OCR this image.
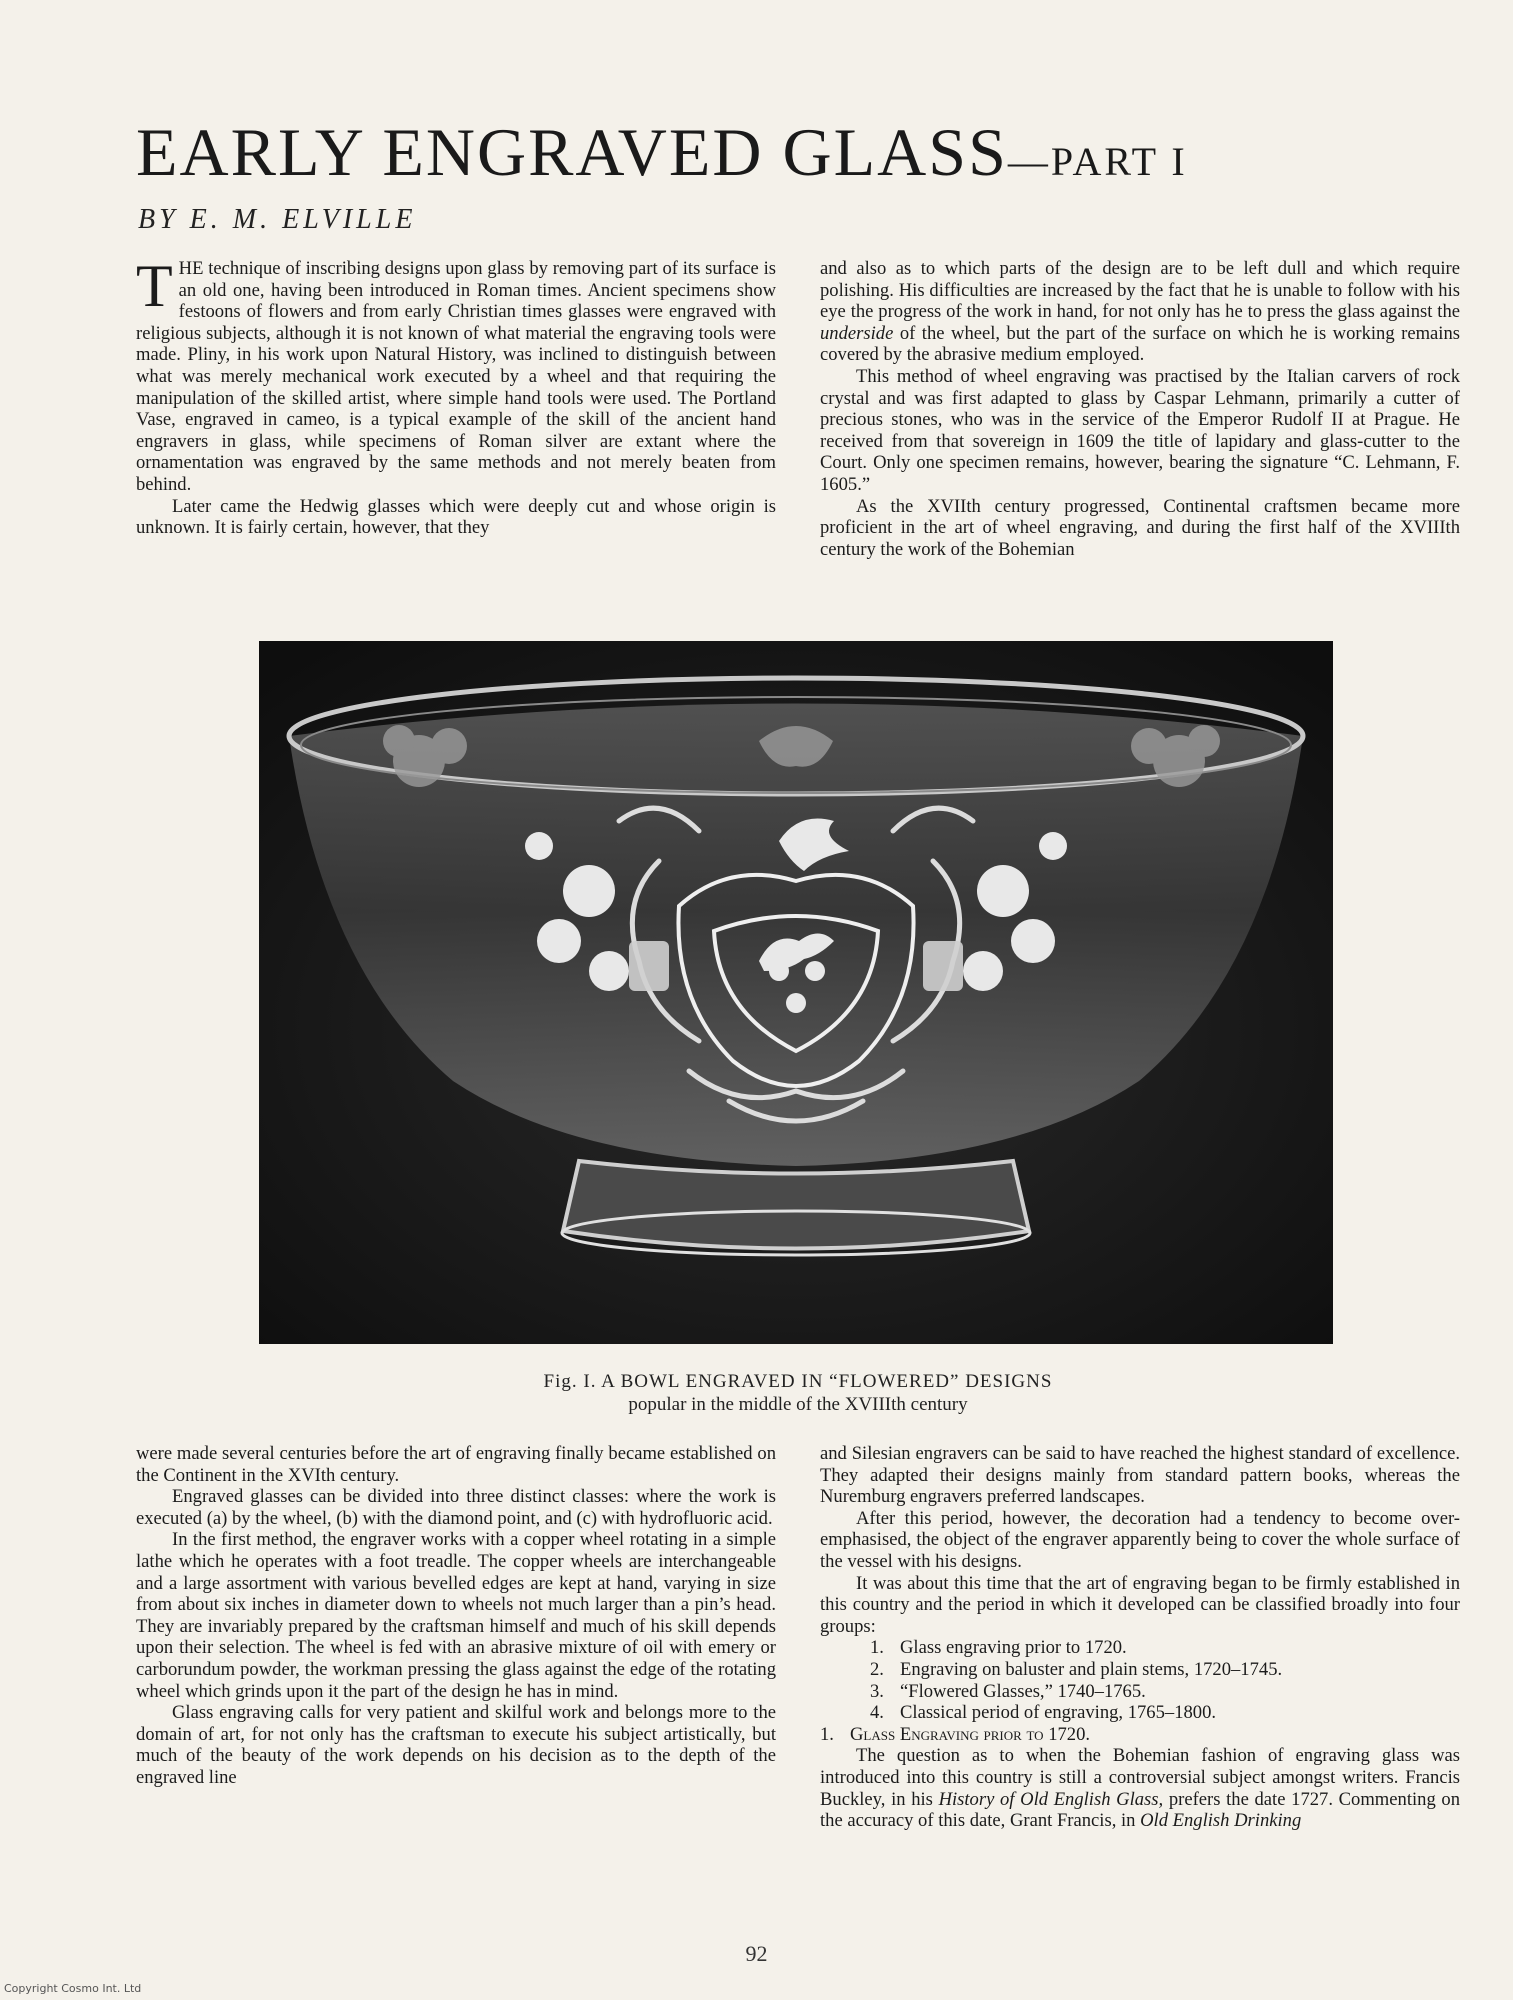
EARLY ENGRAVED GLASS—PART I
BY E. M. ELVILLE

THE technique of inscribing designs upon glass by removing part of its surface is an old one, having been introduced in Roman times. Ancient specimens show festoons of flowers and from early Christian times glasses were engraved with religious subjects, although it is not known of what material the engraving tools were made. Pliny, in his work upon Natural History, was inclined to distinguish between what was merely mechanical work executed by a wheel and that requiring the manipulation of the skilled artist, where simple hand tools were used. The Portland Vase, engraved in cameo, is a typical example of the skill of the ancient hand engravers in glass, while specimens of Roman silver are extant where the ornamentation was engraved by the same methods and not merely beaten from behind.

Later came the Hedwig glasses which were deeply cut and whose origin is unknown. It is fairly certain, however, that they

and also as to which parts of the design are to be left dull and which require polishing. His difficulties are increased by the fact that he is unable to follow with his eye the progress of the work in hand, for not only has he to press the glass against the underside of the wheel, but the part of the surface on which he is working remains covered by the abrasive medium employed.

This method of wheel engraving was practised by the Italian carvers of rock crystal and was first adapted to glass by Caspar Lehmann, primarily a cutter of precious stones, who was in the service of the Emperor Rudolf II at Prague. He received from that sovereign in 1609 the title of lapidary and glass-cutter to the Court. Only one specimen remains, however, bearing the signature “C. Lehmann, F. 1605.”

As the XVIIth century progressed, Continental craftsmen became more proficient in the art of wheel engraving, and during the first half of the XVIIIth century the work of the Bohemian

Fig. I. A BOWL ENGRAVED IN “FLOWERED” DESIGNS
popular in the middle of the XVIIIth century

were made several centuries before the art of engraving finally became established on the Continent in the XVIth century.

Engraved glasses can be divided into three distinct classes: where the work is executed (a) by the wheel, (b) with the diamond point, and (c) with hydrofluoric acid.

In the first method, the engraver works with a copper wheel rotating in a simple lathe which he operates with a foot treadle. The copper wheels are interchangeable and a large assortment with various bevelled edges are kept at hand, varying in size from about six inches in diameter down to wheels not much larger than a pin’s head. They are invariably prepared by the craftsman himself and much of his skill depends upon their selection. The wheel is fed with an abrasive mixture of oil with emery or carborundum powder, the workman pressing the glass against the edge of the rotating wheel which grinds upon it the part of the design he has in mind.

Glass engraving calls for very patient and skilful work and belongs more to the domain of art, for not only has the craftsman to execute his subject artistically, but much of the beauty of the work depends on his decision as to the depth of the engraved line

and Silesian engravers can be said to have reached the highest standard of excellence. They adapted their designs mainly from standard pattern books, whereas the Nuremburg engravers preferred landscapes.

After this period, however, the decoration had a tendency to become over-emphasised, the object of the engraver apparently being to cover the whole surface of the vessel with his designs.

It was about this time that the art of engraving began to be firmly established in this country and the period in which it developed can be classified broadly into four groups:

1. Glass engraving prior to 1720.
2. Engraving on baluster and plain stems, 1720–1745.
3. “Flowered Glasses,” 1740–1765.
4. Classical period of engraving, 1765–1800.

1. Glass Engraving prior to 1720.

The question as to when the Bohemian fashion of engraving glass was introduced into this country is still a controversial subject amongst writers. Francis Buckley, in his History of Old English Glass, prefers the date 1727. Commenting on the accuracy of this date, Grant Francis, in Old English Drinking

92
Copyright Cosmo Int. Ltd
